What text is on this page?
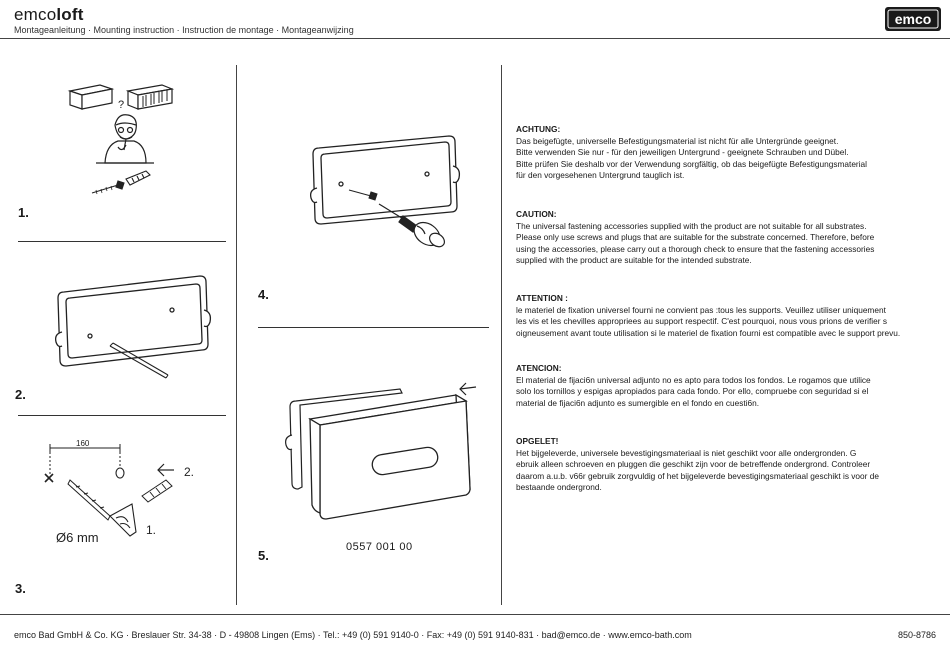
emcoloft
Montageanleitung · Mounting instruction · Instruction de montage · Montageanwijzing
emco
?
1.
2.
160
Ø6 mm	1.
2.
3.
4.
0557 001 00
5.
ACHTUNG:
Das beigefügte, universelle Befestigungsmaterial ist nicht für alle Untergründe geeignet.
Bitte verwenden Sie nur - für den jeweiligen Untergrund - geeignete Schrauben und Dübel.
Bitte prüfen Sie deshalb vor der Verwendung sorgfältig, ob das beigefügte Befestigungsmaterial
für den vorgesehenen Untergrund tauglich ist.
CAUTION:
The universal fastening accessories supplied with the product are not suitable for all substrates.
Please only use screws and plugs that are suitable for the substrate concerned. Therefore, before
using the accessories, please carry out a thorough check to ensure that the fastening accessories
supplied with the product are suitable for the intended substrate.
ATTENTION :
le materiel de fixation universel fourni ne convient pas :tous les supports. Veuillez utiliser uniquement
les vis et les chevilles appropriees au support respectif. C'est pourquoi, nous vous prions de verifier s
oigneusement avant toute utilisation si le materiel de fixation fourni est compatible avec le support prevu.
ATENCION:
El material de fijaci6n universal adjunto no es apto para todos los fondos. Le rogamos que utilice
solo los tornillos y espigas apropiados para cada fondo. Por ello, compruebe con seguridad si el
material de fijaci6n adjunto es sumergible en el fondo en cuesti6n.
OPGELET!
Het bijgeleverde, universele bevestigingsmateriaal is niet geschikt voor alle ondergronden. G
ebruik alleen schroeven en pluggen die geschikt zijn voor de betreffende ondergrond. Controleer
daarom a.u.b. v66r gebruik zorgvuldig of het bijgeleverde bevestigingsmateriaal geschikt is voor de
bestaande ondergrond.
emco Bad GmbH & Co. KG · Breslauer Str. 34-38 · D - 49808 Lingen (Ems) · Tel.: +49 (0) 591 9140-0 · Fax: +49 (0) 591 9140-831 · bad@emco.de · www.emco-bath.com	850-8786
